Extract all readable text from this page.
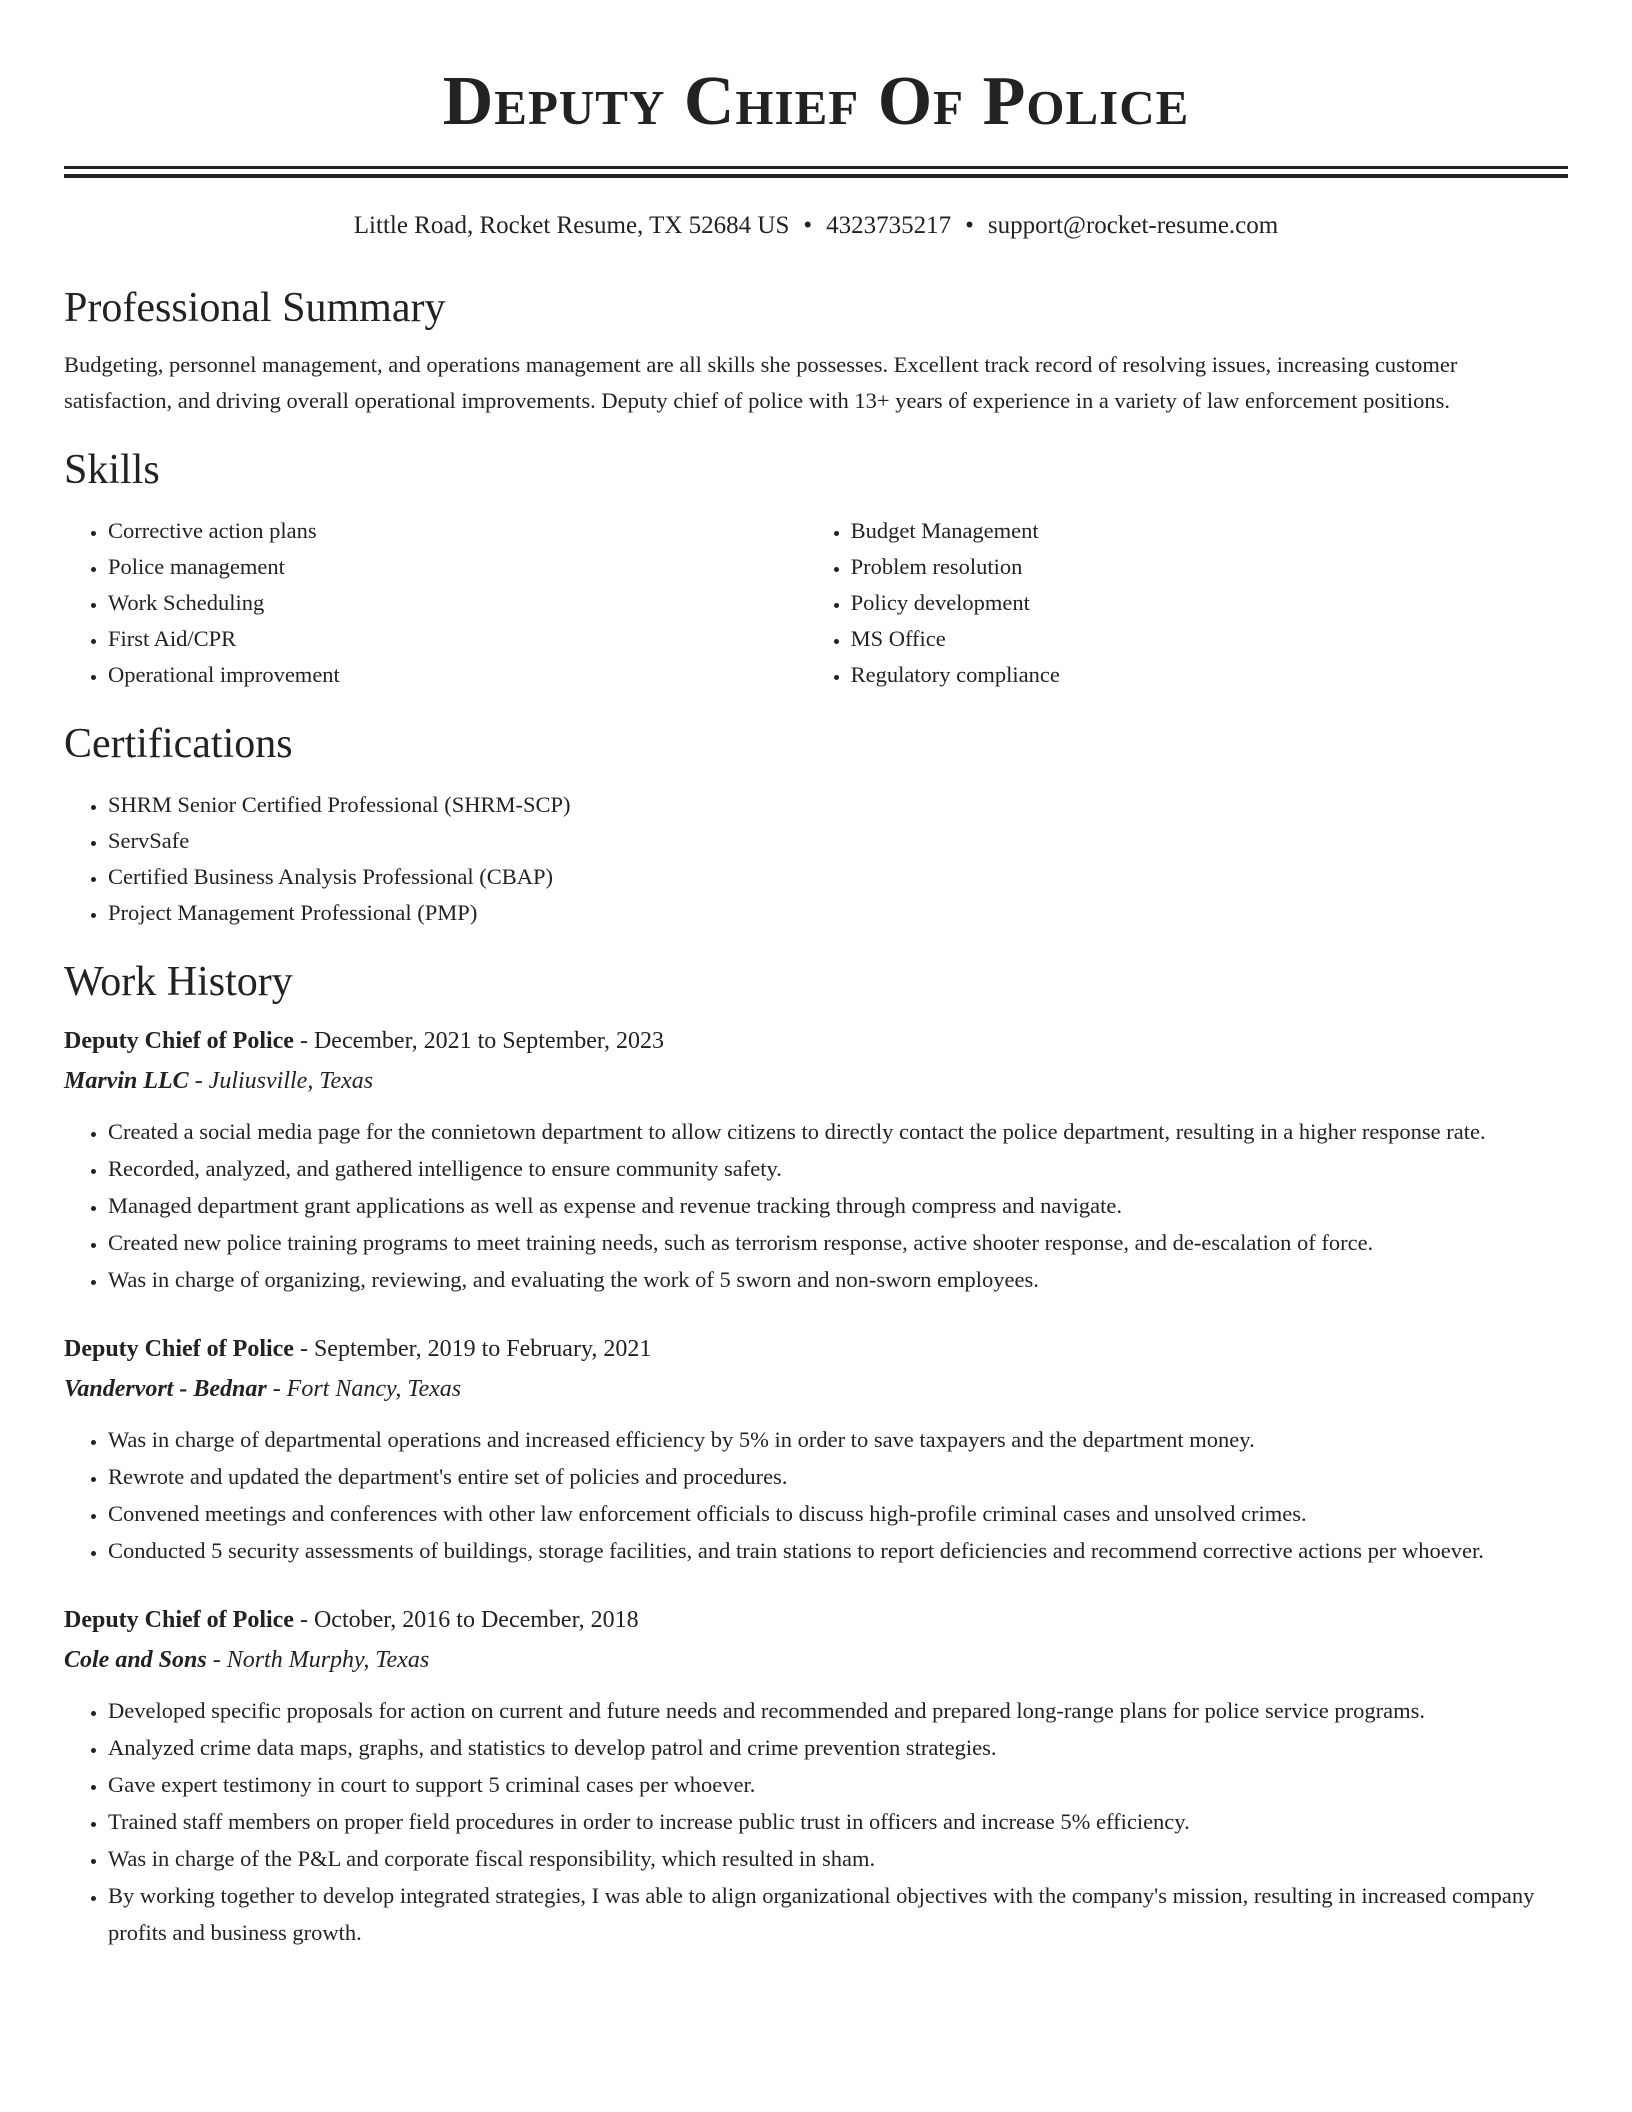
Deputy Chief Of Police
Little Road, Rocket Resume, TX 52684 US • 4323735217 • support@rocket-resume.com
Professional Summary

Budgeting, personnel management, and operations management are all skills she possesses. Excellent track record of resolving issues, increasing customer satisfaction, and driving overall operational improvements. Deputy chief of police with 13+ years of experience in a variety of law enforcement positions.

Skills
• Corrective action plans
• Police management
• Work Scheduling
• First Aid/CPR
• Operational improvement
• Budget Management
• Problem resolution
• Policy development
• MS Office
• Regulatory compliance
Certifications
• SHRM Senior Certified Professional (SHRM-SCP)
• ServSafe
• Certified Business Analysis Professional (CBAP)
• Project Management Professional (PMP)
Work History
Deputy Chief of Police - December, 2021 to September, 2023
Marvin LLC - Juliusville, Texas
• Created a social media page for the connietown department to allow citizens to directly contact the police department, resulting in a higher response rate.
• Recorded, analyzed, and gathered intelligence to ensure community safety.
• Managed department grant applications as well as expense and revenue tracking through compress and navigate.
• Created new police training programs to meet training needs, such as terrorism response, active shooter response, and de-escalation of force.
• Was in charge of organizing, reviewing, and evaluating the work of 5 sworn and non-sworn employees.
Deputy Chief of Police - September, 2019 to February, 2021
Vandervort - Bednar - Fort Nancy, Texas
• Was in charge of departmental operations and increased efficiency by 5% in order to save taxpayers and the department money.
• Rewrote and updated the department's entire set of policies and procedures.
• Convened meetings and conferences with other law enforcement officials to discuss high-profile criminal cases and unsolved crimes.
• Conducted 5 security assessments of buildings, storage facilities, and train stations to report deficiencies and recommend corrective actions per whoever.
Deputy Chief of Police - October, 2016 to December, 2018
Cole and Sons - North Murphy, Texas
• Developed specific proposals for action on current and future needs and recommended and prepared long-range plans for police service programs.
• Analyzed crime data maps, graphs, and statistics to develop patrol and crime prevention strategies.
• Gave expert testimony in court to support 5 criminal cases per whoever.
• Trained staff members on proper field procedures in order to increase public trust in officers and increase 5% efficiency.
• Was in charge of the P&L and corporate fiscal responsibility, which resulted in sham.
• By working together to develop integrated strategies, I was able to align organizational objectives with the company's mission, resulting in increased company profits and business growth.
